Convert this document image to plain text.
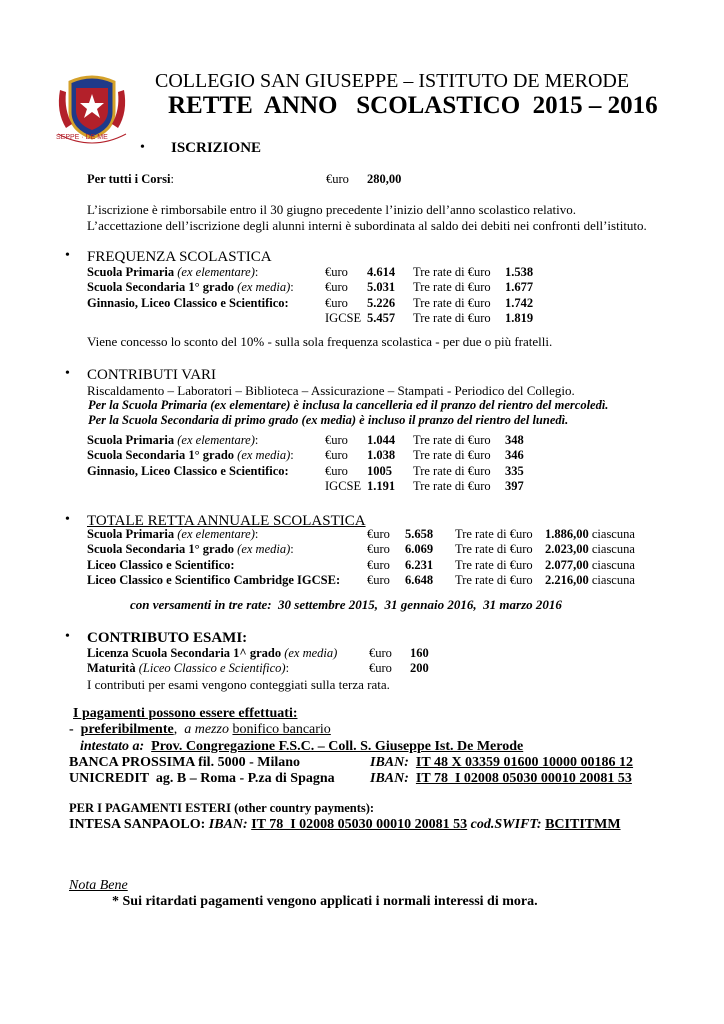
SEPPE · DE ME
COLLEGIO SAN GIUSEPPE – ISTITUTO DE MERODE
RETTE  ANNO   SCOLASTICO  2015 – 2016
• ISCRIZIONE
Per tutti i Corsi:	€uro 280,00
L’iscrizione è rimborsabile entro il 30 giugno precedente l’inizio dell’anno scolastico relativo.
L’accettazione dell’iscrizione degli alunni interni è subordinata al saldo dei debiti nei confronti dell’istituto.
• FREQUENZA SCOLASTICA
Scuola Primaria (ex elementare):	€uro 4.614 Tre rate di €uro 1.538
Scuola Secondaria 1° grado (ex media):	€uro 5.031 Tre rate di €uro 1.677
Ginnasio, Liceo Classico e Scientifico:	€uro 5.226 Tre rate di €uro 1.742
IGCSE 5.457 Tre rate di €uro 1.819
Viene concesso lo sconto del 10% - sulla sola frequenza scolastica - per due o più fratelli.
• CONTRIBUTI VARI
Riscaldamento – Laboratori – Biblioteca – Assicurazione – Stampati - Periodico del Collegio.
Per la Scuola Primaria (ex elementare) è inclusa la cancelleria ed il pranzo del rientro del mercoledì.
Per la Scuola Secondaria di primo grado (ex media) è incluso il pranzo del rientro del lunedì.
Scuola Primaria (ex elementare):	€uro 1.044 Tre rate di €uro 348
Scuola Secondaria 1° grado (ex media):	€uro 1.038 Tre rate di €uro 346
Ginnasio, Liceo Classico e Scientifico:	€uro 1005 Tre rate di €uro 335
IGCSE 1.191 Tre rate di €uro 397
• TOTALE RETTA ANNUALE SCOLASTICA
Scuola Primaria (ex elementare):	€uro 5.658 Tre rate di €uro 1.886,00 ciascuna
Scuola Secondaria 1° grado (ex media):	€uro 6.069 Tre rate di €uro 2.023,00 ciascuna
Liceo Classico e Scientifico:	€uro 6.231 Tre rate di €uro 2.077,00 ciascuna
Liceo Classico e Scientifico Cambridge IGCSE: €uro 6.648 Tre rate di €uro 2.216,00 ciascuna
con versamenti in tre rate:  30 settembre 2015,  31 gennaio 2016,  31 marzo 2016
• CONTRIBUTO ESAMI:
Licenza Scuola Secondaria 1^ grado (ex media)	€uro 160
Maturità (Liceo Classico e Scientifico):	€uro 200
I contributi per esami vengono conteggiati sulla terza rata.
I pagamenti possono essere effettuati:
- preferibilmente, a mezzo bonifico bancario
intestato a: Prov. Congregazione F.S.C. – Coll. S. Giuseppe Ist. De Merode
BANCA PROSSIMA fil. 5000 - Milano	IBAN: IT 48 X 03359 01600 10000 00186 12
UNICREDIT  ag. B – Roma - P.za di Spagna	IBAN: IT 78  I 02008 05030 00010 20081 53
PER I PAGAMENTI ESTERI (other country payments):
INTESA SANPAOLO: IBAN: IT 78  I 02008 05030 00010 20081 53 cod.SWIFT: BCITITMM
Nota Bene
* Sui ritardati pagamenti vengono applicati i normali interessi di mora.
